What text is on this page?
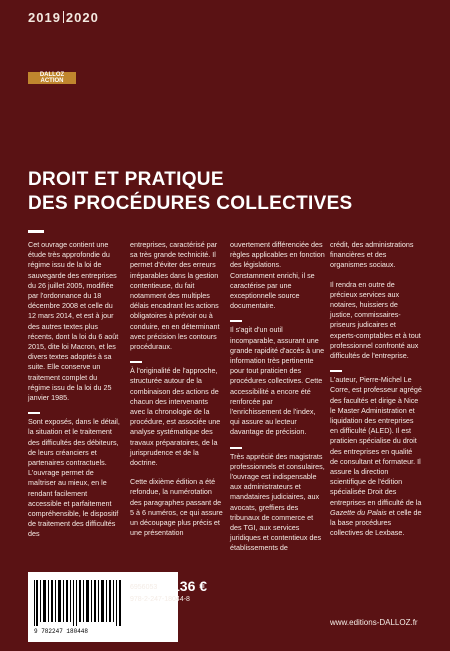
2019 2020
DALLOZ
ACTION
DROIT ET PRATIQUE
DES PROCÉDURES COLLECTIVES

Cet ouvrage contient une étude très approfondie du régime issu de la loi de sauvegarde des entreprises du 26 juillet 2005, modifiée par l'ordonnance du 18 décembre 2008 et celle du 12 mars 2014, et est à jour des autres textes plus récents, dont la loi du 6 août 2015, dite loi Macron, et les divers textes adoptés à sa suite. Elle conserve un traitement complet du régime issu de la loi du 25 janvier 1985.

Sont exposés, dans le détail, la situation et le traitement des difficultés des débiteurs, de leurs créanciers et partenaires contractuels. L'ouvrage permet de maîtriser au mieux, en le rendant facilement accessible et parfaitement compréhensible, le dispositif de traitement des difficultés des

entreprises, caractérisé par sa très grande technicité. Il permet d'éviter des erreurs irréparables dans la gestion contentieuse, du fait notamment des multiples délais encadrant les actions obligatoires à prévoir ou à conduire, en en déterminant avec précision les contours procéduraux.

À l'originalité de l'approche, structurée autour de la combinaison des actions de chacun des intervenants avec la chronologie de la procédure, est associée une analyse systématique des travaux préparatoires, de la jurisprudence et de la doctrine.

Cette dixième édition a été refondue, la numérotation des paragraphes passant de 5 à 6 numéros, ce qui assure un découpage plus précis et une présentation

ouvertement différenciée des règles applicables en fonction des législations. Constamment enrichi, il se caractérise par une exceptionnelle source documentaire.

Il s'agit d'un outil incomparable, assurant une grande rapidité d'accès à une information très pertinente pour tout praticien des procédures collectives. Cette accessibilité a encore été renforcée par l'enrichissement de l'index, qui assure au lecteur davantage de précision.

Très apprécié des magistrats professionnels et consulaires, l'ouvrage est indispensable aux administrateurs et mandataires judiciaires, aux avocats, greffiers des tribunaux de commerce et des TGI, aux services juridiques et contentieux des établissements de

crédit, des administrations financières et des organismes sociaux.

Il rendra en outre de précieux services aux notaires, huissiers de justice, commissaires-priseurs judicaires et experts-comptables et à tout professionnel confronté aux difficultés de l'entreprise.

L'auteur, Pierre-Michel Le Corre, est professeur agrégé des facultés et dirige à Nice le Master Administration et liquidation des entreprises en difficulté (ALED). Il est praticien spécialise du droit des entreprises en qualité de consultant et formateur. Il assure la direction scientifique de l'édition spécialisée Droit des entreprises en difficulté de la Gazette du Palais et celle de la base procédures collectives de Lexbase.

9 782247 180448
6956053 136 €
978-2-247-18044-8
www.editions-DALLOZ.fr
